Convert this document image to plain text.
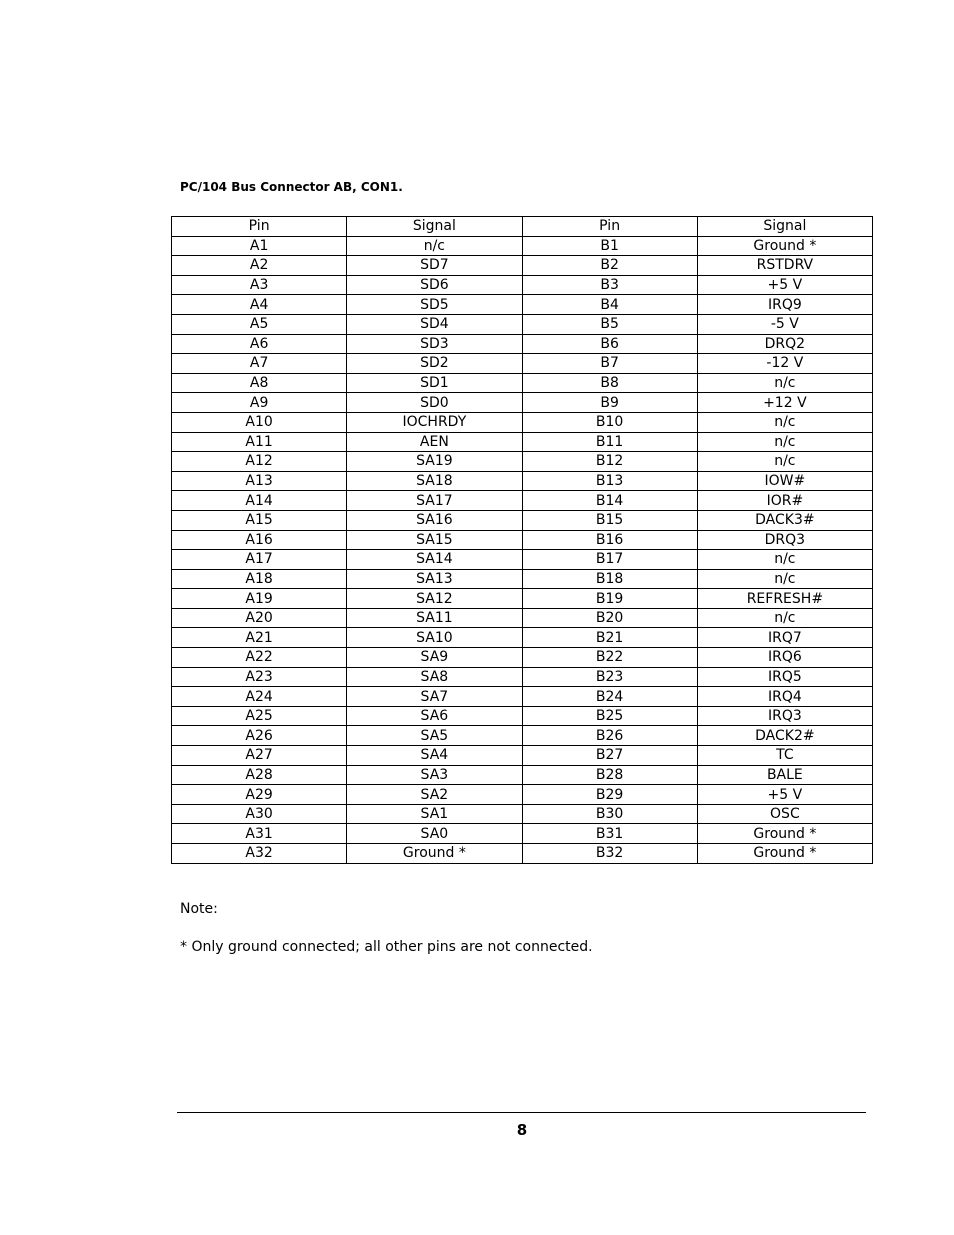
PC/104 Bus Connector AB, CON1.
Pin	Signal	Pin	Signal
A1	n/c	B1	Ground *
A2	SD7	B2	RSTDRV
A3	SD6	B3	+5 V
A4	SD5	B4	IRQ9
A5	SD4	B5	-5 V
A6	SD3	B6	DRQ2
A7	SD2	B7	-12 V
A8	SD1	B8	n/c
A9	SD0	B9	+12 V
A10	IOCHRDY	B10	n/c
A11	AEN	B11	n/c
A12	SA19	B12	n/c
A13	SA18	B13	IOW#
A14	SA17	B14	IOR#
A15	SA16	B15	DACK3#
A16	SA15	B16	DRQ3
A17	SA14	B17	n/c
A18	SA13	B18	n/c
A19	SA12	B19	REFRESH#
A20	SA11	B20	n/c
A21	SA10	B21	IRQ7
A22	SA9	B22	IRQ6
A23	SA8	B23	IRQ5
A24	SA7	B24	IRQ4
A25	SA6	B25	IRQ3
A26	SA5	B26	DACK2#
A27	SA4	B27	TC
A28	SA3	B28	BALE
A29	SA2	B29	+5 V
A30	SA1	B30	OSC
A31	SA0	B31	Ground *
A32	Ground *	B32	Ground *
Note:
* Only ground connected; all other pins are not connected.
8
